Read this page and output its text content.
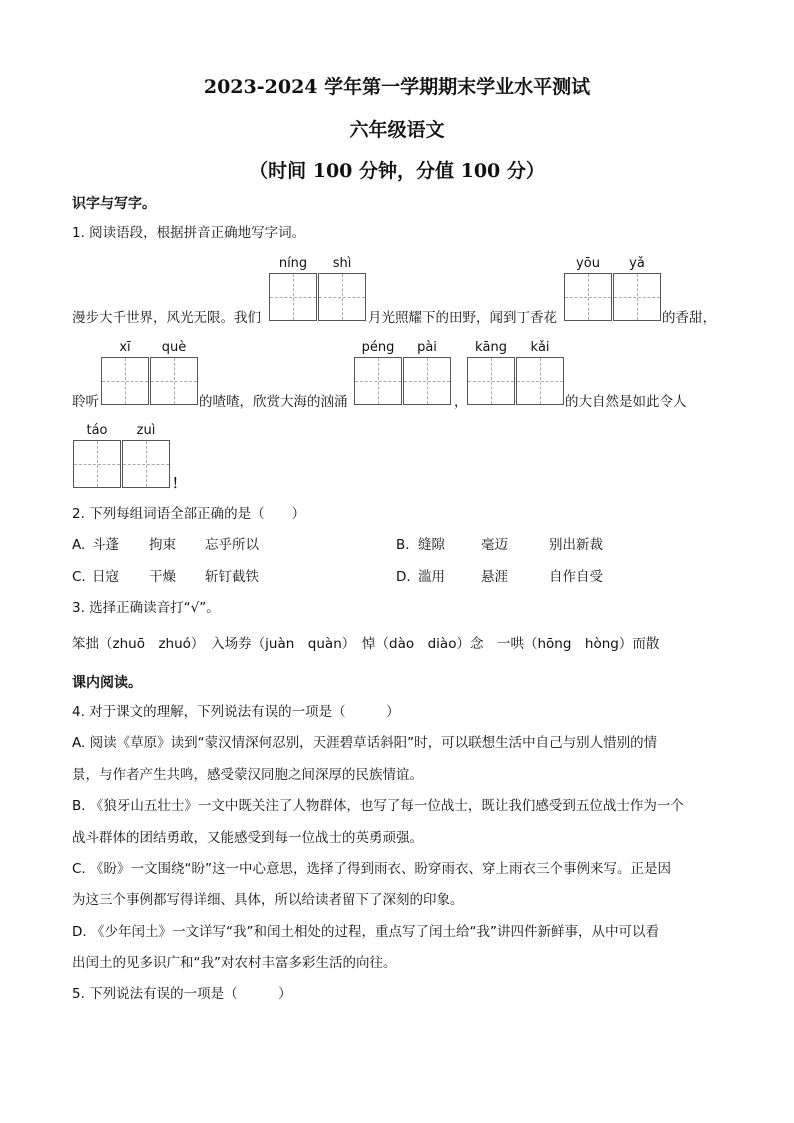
2023-2024 学年第一学期期末学业水平测试
六年级语文
（时间 100 分钟，分值 100 分）
识字与写字。
1. 阅读语段，根据拼音正确地写字词。
níng	shì	yōu	yǎ
漫步大千世界，风光无限。我们	月光照耀下的田野，闻到丁香花	的香甜，
xī	què	péng	pài	kāng	kǎi
聆听	的喳喳，欣赏大海的汹涌	，	的大自然是如此令人
táo	zuì
！
2. 下列每组词语全部正确的是（　　）
A. 斗蓬 拘束 忘乎所以	B. 缝隙	毫迈	别出新裁
C. 日寇 干燥 斩钉截铁	D. 滥用	悬涯	自作自受
3. 选择正确读音打“√”。
笨拙（zhuō　zhuó）　入场券（juàn　quàn）　悼（dào　diào）念　一哄（hōng　hòng）而散
课内阅读。
4. 对于课文的理解，下列说法有误的一项是（　　　）
A. 阅读《草原》读到“蒙汉情深何忍别，天涯碧草话斜阳”时，可以联想生活中自己与别人惜别的情
景，与作者产生共鸣，感受蒙汉同胞之间深厚的民族情谊。
B. 《狼牙山五壮士》一文中既关注了人物群体，也写了每一位战士，既让我们感受到五位战士作为一个
战斗群体的团结勇敢，又能感受到每一位战士的英勇顽强。
C. 《盼》一文围绕“盼”这一中心意思，选择了得到雨衣、盼穿雨衣、穿上雨衣三个事例来写。正是因
为这三个事例都写得详细、具体，所以给读者留下了深刻的印象。
D. 《少年闰土》一文详写“我”和闰土相处的过程，重点写了闰土给“我”讲四件新鲜事，从中可以看
出闰土的见多识广和“我”对农村丰富多彩生活的向往。
5. 下列说法有误的一项是（　　　）
